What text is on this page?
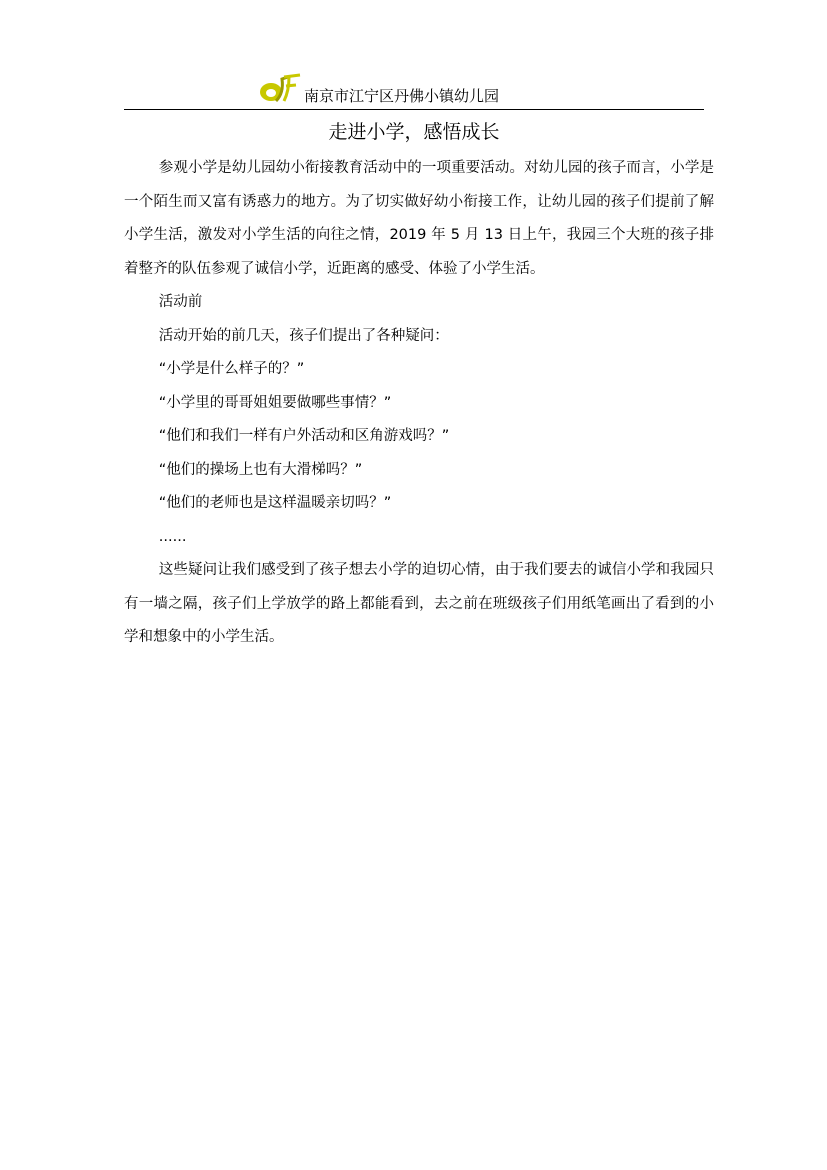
南京市江宁区丹佛小镇幼儿园
走进小学，感悟成长

参观小学是幼儿园幼小衔接教育活动中的一项重要活动。对幼儿园的孩子而言，小学是一个陌生而又富有诱惑力的地方。为了切实做好幼小衔接工作，让幼儿园的孩子们提前了解小学生活，激发对小学生活的向往之情，2019 年 5 月 13 日上午，我园三个大班的孩子排着整齐的队伍参观了诚信小学，近距离的感受、体验了小学生活。

活动前

活动开始的前几天，孩子们提出了各种疑问：

“小学是什么样子的？”

“小学里的哥哥姐姐要做哪些事情？”

“他们和我们一样有户外活动和区角游戏吗？”

“他们的操场上也有大滑梯吗？”

“他们的老师也是这样温暖亲切吗？”

......

这些疑问让我们感受到了孩子想去小学的迫切心情，由于我们要去的诚信小学和我园只有一墙之隔，孩子们上学放学的路上都能看到，去之前在班级孩子们用纸笔画出了看到的小学和想象中的小学生活。
